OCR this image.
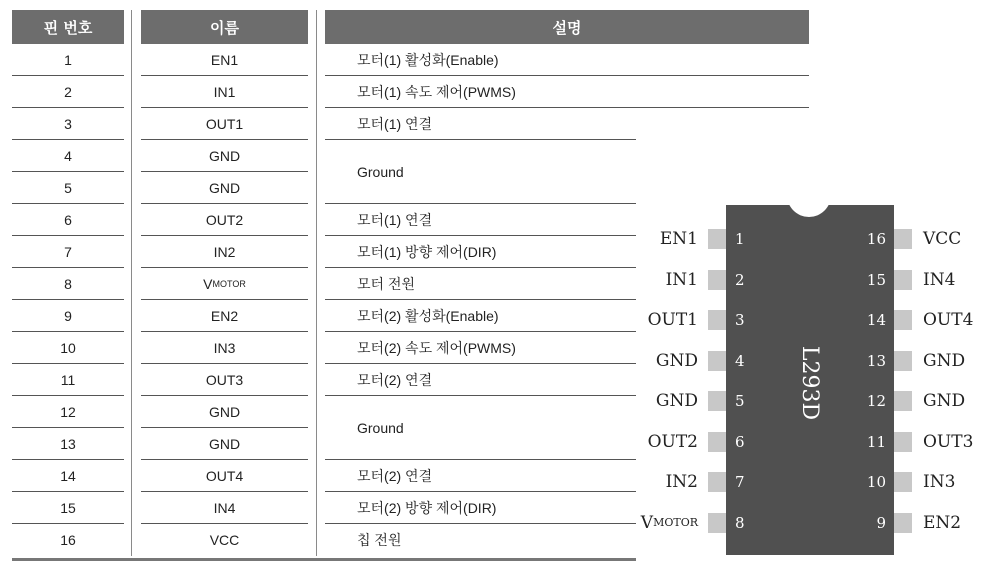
핀 번호	이름	설명
1	EN1	모터(1) 활성화(Enable)
2	IN1	모터(1) 속도 제어(PWMS)
3	OUT1	모터(1) 연결
4	GND
Ground
5	GND
6	OUT2	모터(1) 연결
7	IN2	모터(1) 방향 제어(DIR)
8	V MOTOR	모터 전원
9	EN2	모터(2) 활성화(Enable)
10	IN3	모터(2) 속도 제어(PWMS)
11	OUT3	모터(2) 연결
12	GND
Ground
13	GND
14	OUT4	모터(2) 연결
15	IN4	모터(2) 방향 제어(DIR)
16	VCC	칩 전원
L293D
1
EN1
2
IN1
3
OUT1
4
GND
5
GND
6
OUT2
7
IN2
8
V MOTOR
16 VCC
15 IN4
14 OUT4
13 GND
12 GND
11 OUT3
10 IN3
9 EN2
